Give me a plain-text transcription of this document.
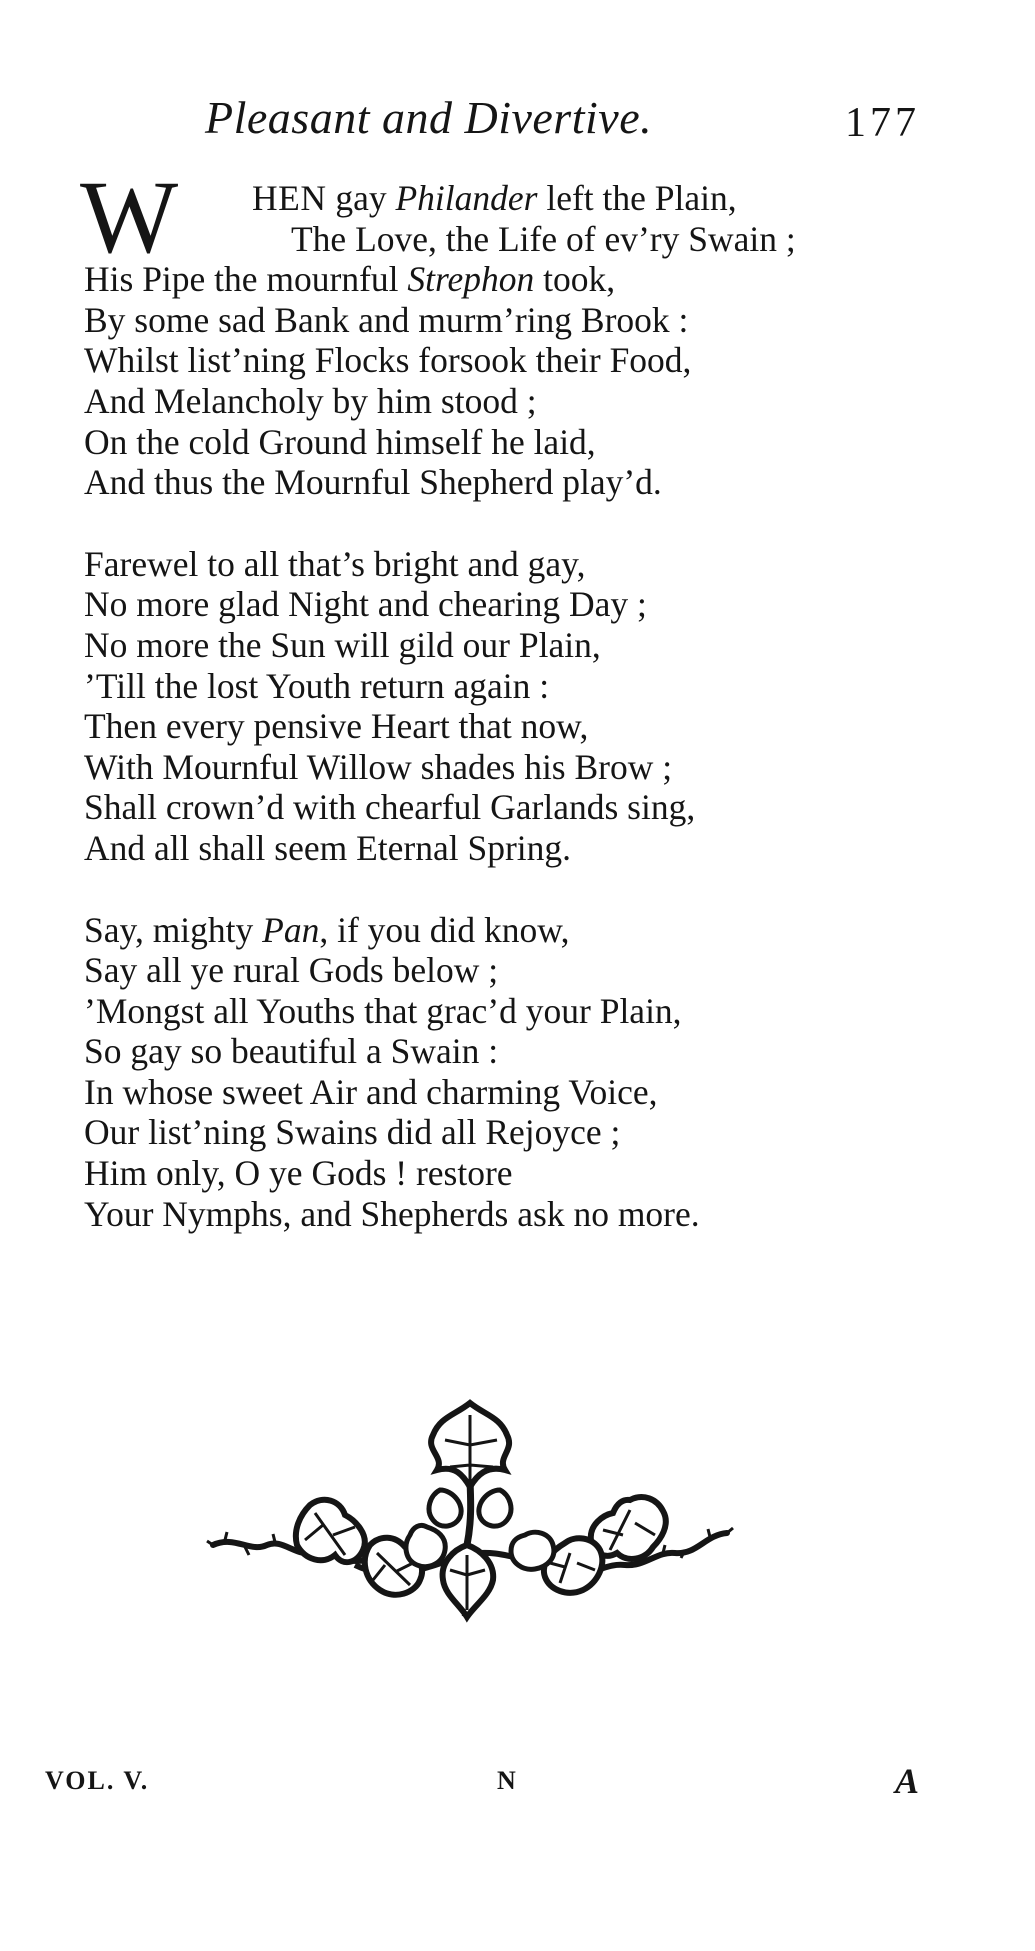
Pleasant and Divertive.	177
W HEN gay Philander left the Plain,
The Love, the Life of ev’ry Swain ;
His Pipe the mournful Strephon took,
By some sad Bank and murm’ring Brook :
Whilst list’ning Flocks forsook their Food,
And Melancholy by him stood ;
On the cold Ground himself he laid,
And thus the Mournful Shepherd play’d.
Farewel to all that’s bright and gay,
No more glad Night and chearing Day ;
No more the Sun will gild our Plain,
’Till the lost Youth return again :
Then every pensive Heart that now,
With Mournful Willow shades his Brow ;
Shall crown’d with chearful Garlands sing,
And all shall seem Eternal Spring.
Say, mighty Pan, if you did know,
Say all ye rural Gods below ;
’Mongst all Youths that grac’d your Plain,
So gay so beautiful a Swain :
In whose sweet Air and charming Voice,
Our list’ning Swains did all Rejoyce ;
Him only, O ye Gods ! restore
Your Nymphs, and Shepherds ask no more.
VOL. V.	N	A
